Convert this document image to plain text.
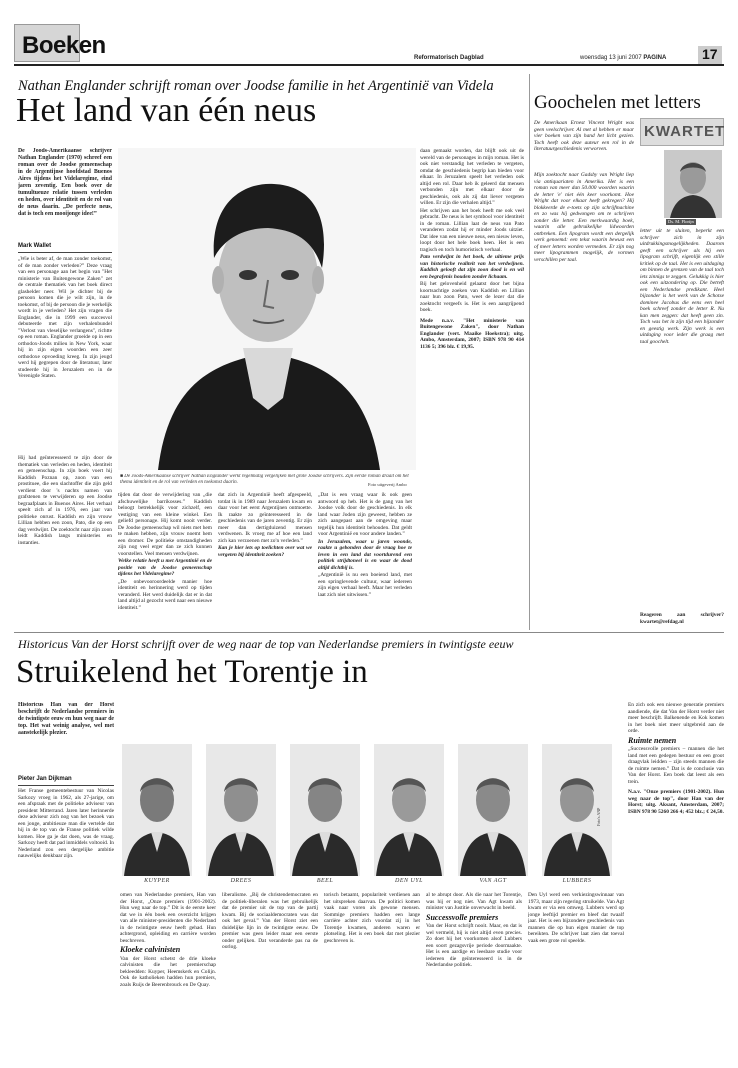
Boeken	Reformatorisch Dagblad	woensdag 13 juni 2007 PAGINA	17
Nathan Englander schrijft roman over Joodse familie in het Argentinië van Videla
Het land van één neus
De Joods-Amerikaanse schrijver Nathan Englander (1970) schreef een roman over de Joodse gemeenschap in de Argentijnse hoofdstad Buenos Aires tijdens het Videlaregime, eind jaren zeventig. Een boek over de tumultueuze relatie tussen verleden en heden, over identiteit en de rol van de neus daarin. „De perfecte neus, dat is toch een mooijonge idee!”
Mark Wallet
„Wie is beter af, de man zonder toekomst, of de man zonder verleden?” Deze vraag van een personage aan het begin van "Het ministerie van Buitengewone Zaken" zet de centrale thematiek van het boek direct glashelder neer. Wil je dichter bij de persoon komen die je wilt zijn, in de toekomst, of bij de persoon die je werkelijk wordt in je verleden? Het zijn vragen die Englander, die in 1999 een succesvol debuteerde met zijn verhalenbundel "Verlost van vleselijke verlangens", richtte op een roman. Englander groeide op in een orthodox-Joods milieu in New York, waar hij in zijn eigen woorden een zeer orthodoxe opvoeding kreeg. In zijn jeugd werd hij gegrepen door de literatuur, later studeerde hij in Jeruzalem en in de Verenigde Staten.
■ De Joods-Amerikaanse schrijver Nathan Englander werkt regelmatig vergelijken met grote Joodse schrijvers. Zijn eerste roman draait om het thema identiteit en de rol van verleden en toekomst daarin.	Foto uitgeverij Ambo
Hij had geïnteresseerd te zijn door de thematiek van verleden en heden, identiteit en gemeenschap. In zijn boek voert hij Kaddish Poznan op, zoon van een prostituee, die een slachtoffer die zijn geld verdient door 's nachts namen van grafstenen te verwijderen op een Joodse begraafplaats in Buenos Aires. Het verhaal speelt zich af in 1976, een jaar van politieke onrust. Kaddish en zijn vrouw Lillian hebben een zoon, Pato, die op een dag verdwijnt. De zoektocht naar zijn zoon leidt Kaddish langs ministeries en instanties.

tijden dat door de verwijdering van „die afschuwelijke barrikosses.” Kaddish beloogt betrekkelijk voor zichzelf, een vestiging van een kleine winkel. Een geliefd personage. Hij komt nooit verder. De Joodse gemeenschap wil niets met hem te maken hebben, zijn vrouw noemt hem een dromer. De politieke omstandigheden zijn nog veel erger dan ze zich kunnen voorstellen. Veel mensen verdwijnen.

Welke relatie heeft u met Argentinië en de positie van de Joodse gemeenschap tijdens het Videlaregime?

„De onbevooroordeelde manier hoe identiteit en herinnering werd op tijden veranderd. Het werd duidelijk dat er in dat land altijd al gezocht werd naar een nieuwe identiteit.”

dat zich in Argentinië heeft afgespeeld, totdat ik in 1989 naar Jeruzalem kwam en daar voor het eerst Argentijnen ontmoette. Ik raakte zo geïnteresseerd in de geschiedenis van de jaren zeventig. Er zijn meer dan dertigduizend mensen verdwenen. Ik vroeg me af hoe een land zich kan verzoenen met zo'n verleden.”

Kan je hier iets op toelichten over wat we vergeten bij identiteit zoeken?

„Dat is een vraag waar ik ook geen antwoord op heb. Het is de gang van het Joodse volk door de geschiedenis. In elk land waar Joden zijn geweest, hebben ze zich aangepast aan de omgeving maar tegelijk hun identiteit behouden. Dat geldt voor Argentinië en voor andere landen.”

In Jeruzalem, waar u jaren woonde, raakte u gebonden door de vraag hoe te leven in een land dat voortdurend een politiek strijdtoneel is en waar de dood altijd dichtbij is.

„Argentinië is nu een boeiend land, met een springlevende cultuur, waar iedereen zijn eigen verhaal heeft. Maar het verleden laat zich niet uitwissen.”

daan gemaakt worden, dat blijft ook uit de wereld van de personages in mijn roman. Het is ook niet verstandig het verleden te vergeten, omdat de geschiedenis begrip kan bieden voor elkaar. In Jeruzalem speelt het verleden ook altijd een rol. Daar heb ik geleerd dat mensen verbonden zijn met elkaar door de geschiedenis, ook als zij dat liever vergeten willen. Er zijn die verhalen altijd.”

Het schrijven aan het boek heeft me ook veel gebracht. De neus is het symbool voor identiteit in de roman. Lillian laat de neus van Pato veranderen zodat hij er minder Joods uitziet. Dat idee van een nieuwe neus, een nieuw leven, loopt door het hele boek heen. Het is een tragisch en toch humoristisch verhaal.

Pato verdwijnt in het boek, de ultieme prijs van historische realiteit van het verdwijnen. Kaddish gelooft dat zijn zoon dood is en wil een begrafenis houden zonder lichaam.

Bij het gelovenheid gelaatst door het bijna koortsachtige zoeken van Kaddish en Lillian naar hun zoon Pato, weet de lezer dat die zoektocht vergeefs is. Het is een aangrijpend boek.

Mede n.a.v. "Het ministerie van Buitengewone Zaken", door Nathan Englander (vert. Maaike Hoekstra); uitg. Ambo, Amsterdam, 2007; ISBN 978 90 414 1136 5; 396 blz. € 19,95.

Goochelen met letters
De Amerikaan Ernest Vincent Wright was geen veelschrijver. Al met al hebben er maar vier boeken van zijn hand het licht gezien. Toch heeft ook deze auteur een rol in de literatuurgeschiedenis verworven.
KWARTET
Ds. M. Florijn
Mijn zoektocht naar Gadsby van Wright liep via antiquariaten in Amerika. Het is een roman van meer dan 50.000 woorden waarin de letter 'e' niet één keer voorkomt. Hoe Wright dat voor elkaar heeft gekregen? Hij blokkeerde de e-toets op zijn schrijfmachine en zo was hij gedwongen om te schrijven zonder die letter. Een merkwaardig boek, waarin alle gebruikelijke lidwoorden ontbreken. Een lipogram wordt een dergelijk werk genoemd: een tekst waarin bewust een of meer letters worden vermeden. Er zijn nog meer lipogrammen mogelijk, de vormen verschillen per taal.
letter uit te sluiten, beperkt een schrijver zich in zijn uitdrukkingsmogelijkheden. Daarom geeft een schrijver als hij een lipogram schrijft, eigenlijk een stille kritiek op de taal. Het is een uitdaging om binnen de grenzen van de taal toch iets zinnigs te zeggen. Gelukkig is hier ook een uitzondering op. Die betreft een Nederlandse predikant. Heel bijzonder is het werk van de Schotse dominee Jacobus die eens een heel boek schreef zonder de letter R. Nu kan men zeggen: dat heeft geen zin. Toch was het in zijn tijd een bijzonder en geestig werk. Zijn werk is een uitdaging voor ieder die graag met taal goochelt.
Reageren aan schrijver? kwartet@refdag.nl
Historicus Van der Horst schrijft over de weg naar de top van Nederlandse premiers in twintigste eeuw
Struikelend het Torentje in
Historicus Han van der Horst beschrijft de Nederlandse premiers in de twintigste eeuw en hun weg naar de top. Het wat weinig analyse, wel met aanstekelijk plezier.
Pieter Jan Dijkman
Het Franse gemeentebestuur van Nicolas Sarkozy vroeg in 1962, als 27-jarige, om een afspraak met de politieke adviseur van president Mitterrand. Jaren later herinnerde deze adviseur zich nog van het bezoek van een jonge, ambitieuze man die vertelde dat hij in de top van de Franse politiek wilde komen. Hoe ga je dat doen, was de vraag. Sarkozy heeft dat pad inmiddels voltooid. In Nederland zou een dergelijke ambitie nauwelijks denkbaar zijn.
KUYPER	DREES	BEEL	DEN UYL	VAN AGT	LUBBERS
Foto's ANP

omen van Nederlandse premiers, Han van der Horst, „Onze premiers (1901-2002). Hun weg naar de top.” Dit is de eerste keer dat we in één boek een overzicht krijgen van alle minister-presidenten die Nederland in de twintigste eeuw heeft gehad. Hun achtergrond, opleiding en carrière worden beschreven.

Kloeke calvinisten

Van der Horst schetst de drie kloeke calvinisten die het premierschap bekleedden: Kuyper, Heemskerk en Colijn. Ook de katholieken hadden hun premiers, zoals Ruijs de Beerenbrouck en De Quay.

liberalisme. „Bij de christendemocraten en de politiek-liberalen was het gebruikelijk dat de premier uit de top van de partij kwam. Bij de sociaaldemocraten was dat ook het geval.” Van der Horst ziet een duidelijke lijn in de twintigste eeuw. De premier was geen leider maar een eerste onder gelijken. Dat veranderde pas na de oorlog.
torisch betaamt, populariteit verdienen aan het uitspreken daarvan. De politici komen vaak naar voren als gewone mensen. Sommige premiers hadden een lange carrière achter zich voordat zij in het Torentje kwamen, anderen waren er plotseling. Het is een boek dat met plezier geschreven is.

al te abrupt door. Als die naar het Torentje, was hij er nog niet. Van Agt kwam als minister van Justitie onverwacht in beeld.

Successvolle premiers

Van der Horst schrijft nooit. Maar, en dat is wel vermeld, hij is niet altijd even precies. Zo doet hij het voorkomen alsof Lubbers een soort gezagsvrije periode doormaakte. Het is een aardige en leesbare studie voor iedereen die geïnteresseerd is in de Nederlandse politiek.

Den Uyl werd een verkiezingswinnaar van 1973, maar zijn regering struikelde. Van Agt kwam er via een omweg. Lubbers werd op jonge leeftijd premier en bleef dat twaalf jaar. Het is een bijzondere geschiedenis van mannen die op hun eigen manier de top bereikten. De schrijver laat zien dat toeval vaak een grote rol speelde.

En zich ook een nieuwe generatie premiers aandiende, die dat Van der Horst verder niet meer beschrijft. Balkenende en Kok komen in het boek niet meer uitgebreid aan de orde.

Ruimte nemen

„Successvolle premiers – mannen die het land met een gedegen bestuur en een groot draagvlak leidden – zijn steeds mannen die de ruimte nemen.” Dat is de conclusie van Van der Horst. Een boek dat leest als een trein.

N.a.v. "Onze premiers (1901-2002). Hun weg naar de top", door Han van der Horst; uitg. Aksant, Amsterdam, 2007; ISBN 978 90 5260 266 4; 452 blz.; € 24,50.
